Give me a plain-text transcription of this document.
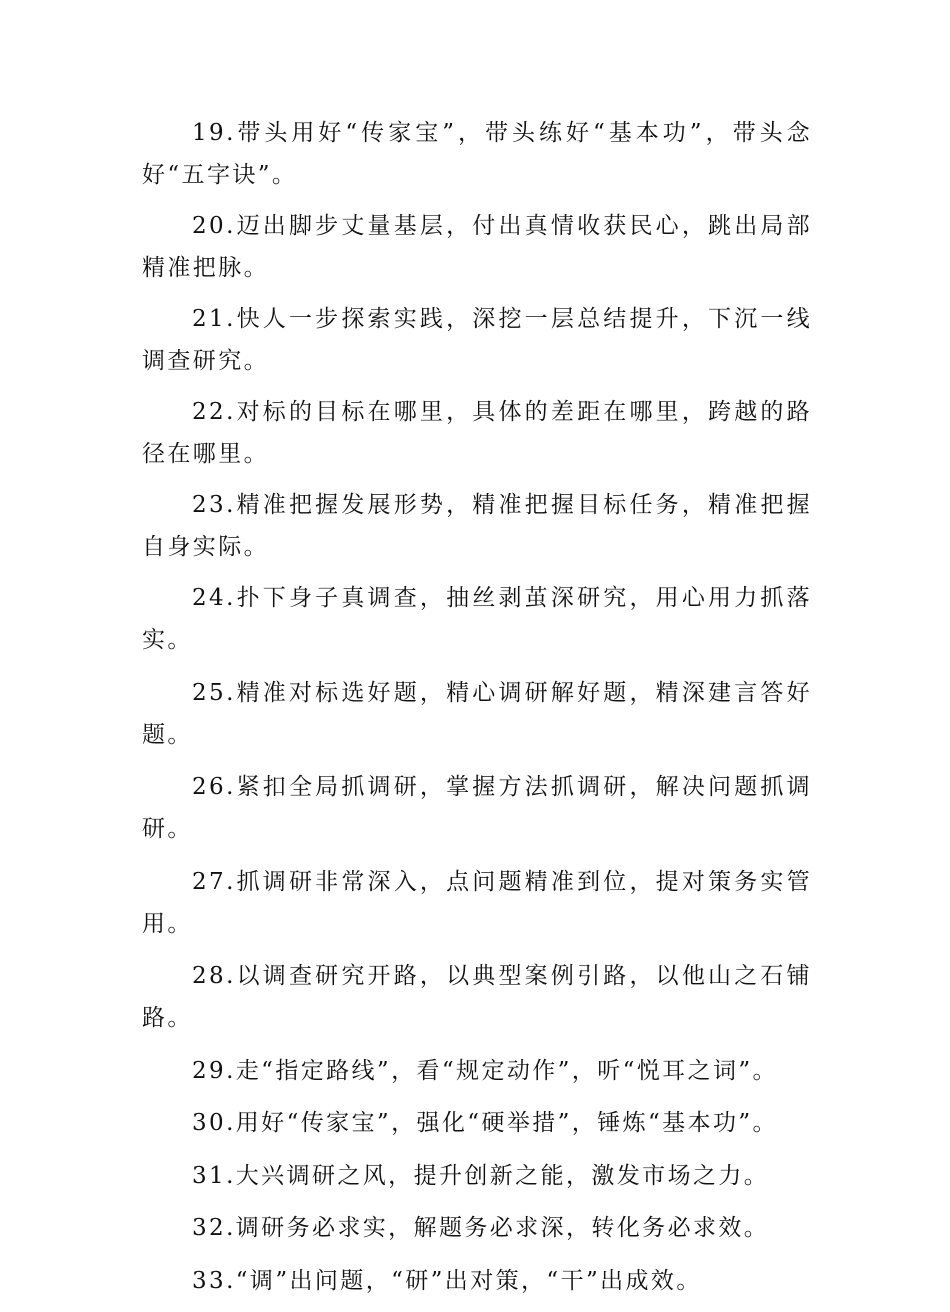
19.带头用好“传家宝”，带头练好“基本功”，带头念好“五字诀”。

20.迈出脚步丈量基层，付出真情收获民心，跳出局部精准把脉。

21.快人一步探索实践，深挖一层总结提升，下沉一线调查研究。

22.对标的目标在哪里，具体的差距在哪里，跨越的路径在哪里。

23.精准把握发展形势，精准把握目标任务，精准把握自身实际。

24.扑下身子真调查，抽丝剥茧深研究，用心用力抓落实。

25.精准对标选好题，精心调研解好题，精深建言答好题。

26.紧扣全局抓调研，掌握方法抓调研，解决问题抓调研。

27.抓调研非常深入，点问题精准到位，提对策务实管用。

28.以调查研究开路，以典型案例引路，以他山之石铺路。

29.走“指定路线”，看“规定动作”，听“悦耳之词”。

30.用好“传家宝”，强化“硬举措”，锤炼“基本功”。

31.大兴调研之风，提升创新之能，激发市场之力。

32.调研务必求实，解题务必求深，转化务必求效。

33.“调”出问题，“研”出对策，“干”出成效。
